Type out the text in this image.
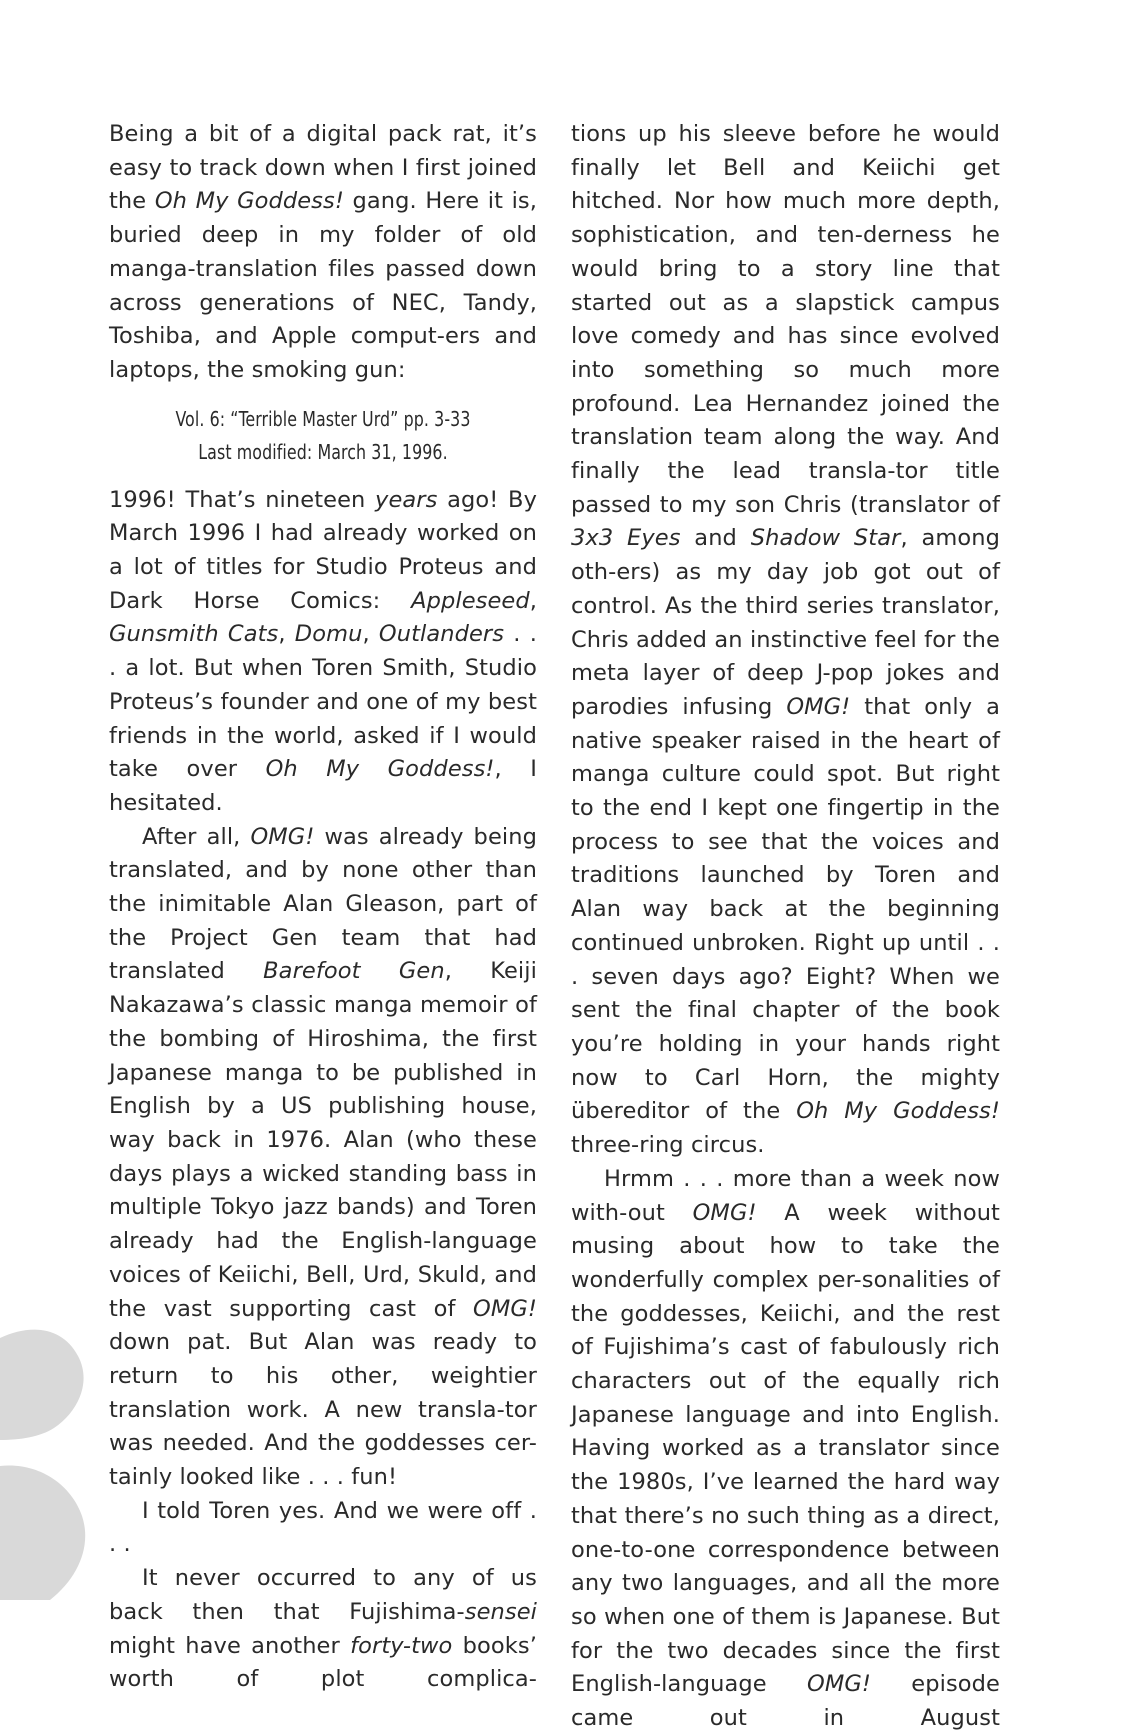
Being a bit of a digital pack rat, it’s easy to track down when I first joined the Oh My Goddess! gang. Here it is, buried deep in my folder of old manga-translation files passed down across generations of NEC, Tandy, Toshiba, and Apple comput-ers and laptops, the smoking gun:

Vol. 6: “Terrible Master Urd” pp. 3-33

Last modified: March 31, 1996.

1996! That’s nineteen years ago! By March 1996 I had already worked on a lot of titles for Studio Proteus and Dark Horse Comics: Appleseed, Gunsmith Cats, Domu, Outlanders . . . a lot. But when Toren Smith, Studio Proteus’s founder and one of my best friends in the world, asked if I would take over Oh My Goddess!, I hesitated.

After all, OMG! was already being translated, and by none other than the inimitable Alan Gleason, part of the Project Gen team that had translated Barefoot Gen, Keiji Nakazawa’s classic manga memoir of the bombing of Hiroshima, the first Japanese manga to be published in English by a US publishing house, way back in 1976. Alan (who these days plays a wicked standing bass in multiple Tokyo jazz bands) and Toren already had the English-language voices of Keiichi, Bell, Urd, Skuld, and the vast supporting cast of OMG! down pat. But Alan was ready to return to his other, weightier translation work. A new transla-tor was needed. And the goddesses cer-tainly looked like . . . fun!

I told Toren yes. And we were off . . .

It never occurred to any of us back then that Fujishima-sensei might have another forty-two books’ worth of plot complica-

tions up his sleeve before he would finally let Bell and Keiichi get hitched. Nor how much more depth, sophistication, and ten-derness he would bring to a story line that started out as a slapstick campus love comedy and has since evolved into something so much more profound. Lea Hernandez joined the translation team along the way. And finally the lead transla-tor title passed to my son Chris (translator of 3x3 Eyes and Shadow Star, among oth-ers) as my day job got out of control. As the third series translator, Chris added an instinctive feel for the meta layer of deep J-pop jokes and parodies infusing OMG! that only a native speaker raised in the heart of manga culture could spot. But right to the end I kept one fingertip in the process to see that the voices and traditions launched by Toren and Alan way back at the beginning continued unbroken. Right up until . . . seven days ago? Eight? When we sent the final chapter of the book you’re holding in your hands right now to Carl Horn, the mighty übereditor of the Oh My Goddess! three-ring circus.

Hrmm . . . more than a week now with-out OMG! A week without musing about how to take the wonderfully complex per-sonalities of the goddesses, Keiichi, and the rest of Fujishima’s cast of fabulously rich characters out of the equally rich Japanese language and into English. Having worked as a translator since the 1980s, I’ve learned the hard way that there’s no such thing as a direct, one-to-one correspondence between any two languages, and all the more so when one of them is Japanese. But for the two decades since the first English-language OMG! episode came out in August
